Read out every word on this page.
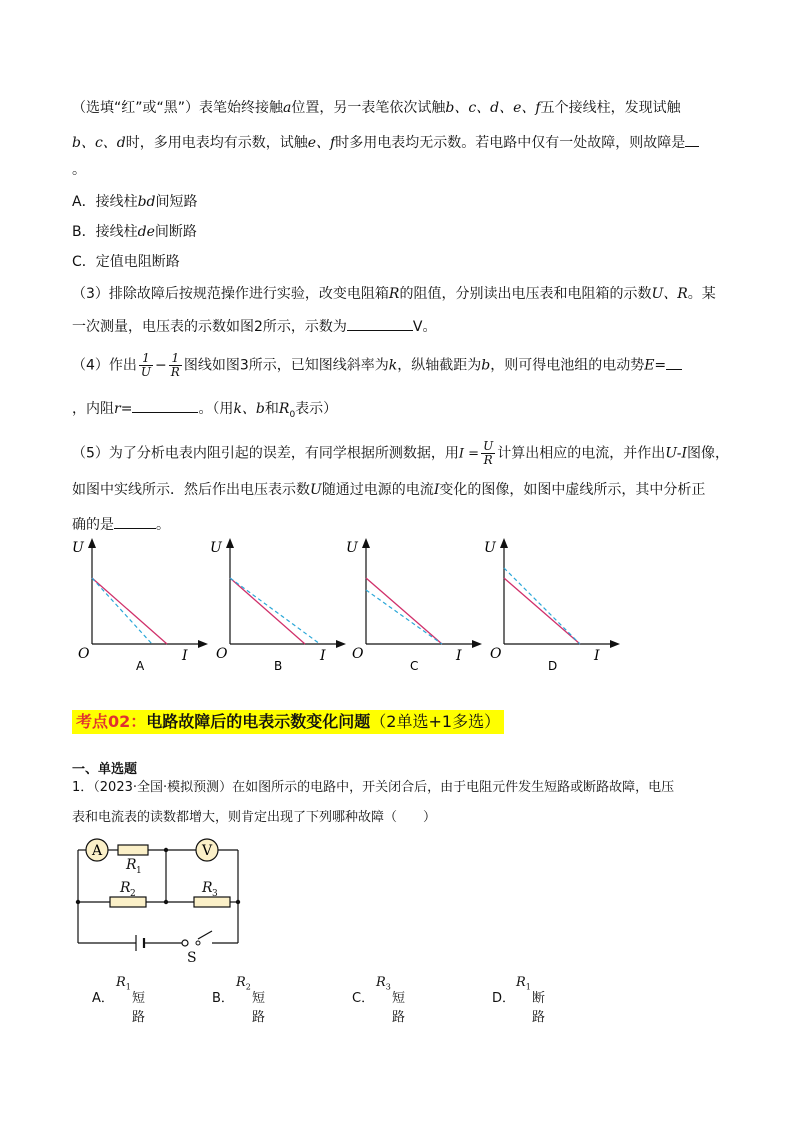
（选填“红”或“黑”）表笔始终接触a位置，另一表笔依次试触b、c、d、e、f五个接线柱，发现试触
b、c、d时，多用电表均有示数，试触e、f时多用电表均无示数。若电路中仅有一处故障，则故障是
。
A．接线柱bd间短路
B．接线柱de间断路
C．定值电阻断路
（3）排除故障后按规范操作进行实验，改变电阻箱R的阻值，分别读出电压表和电阻箱的示数U、R。某
一次测量，电压表的示数如图2所示，示数为	V。
（4）作出 $\frac{1}{U} - \frac{1}{R}$ 图线如图3所示，已知图线斜率为k，纵轴截距为b，则可得电池组的电动势E=
，内阻r=	。（用k、b和$R_0$表示）
（5）为了分析电表内阻引起的误差，有同学根据所测数据，用$I = \frac{U}{R}$ 计算出相应的电流，并作出U-I图像，
如图中实线所示．然后作出电压表示数U随通过电源的电流I变化的图像，如图中虚线所示，其中分析正
确的是	。
U
O	I
A
U
O	I
B
U
O	I
C
U
O	I
D
考点02：电路故障后的电表示数变化问题（2单选+1多选）
一、单选题
1．（2023·全国·模拟预测）在如图所示的电路中，开关闭合后，由于电阻元件发生短路或断路故障，电压
表和电流表的读数都增大，则肯定出现了下列哪种故障（　　）
A	V
R 1
R 2	R 3
S
A．
$R_1$
短路
B．
$R_2$
短路
C．
$R_3$
短路
D．
$R_1$
断路
